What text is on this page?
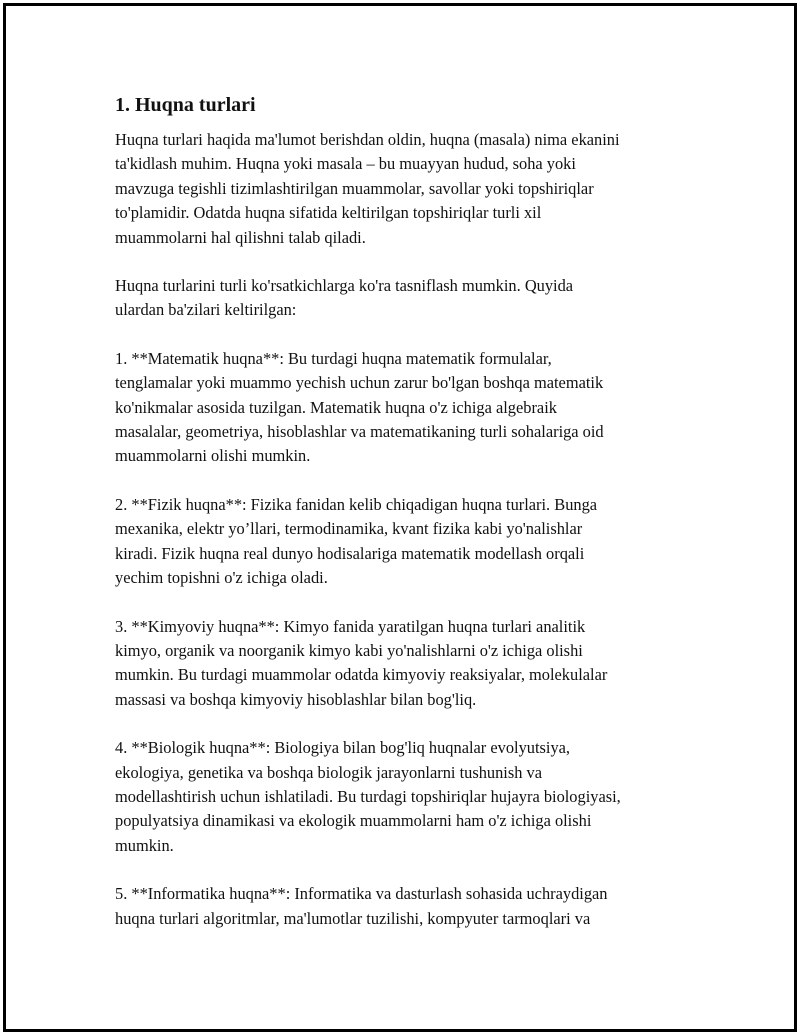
1. Huqna turlari

Huqna turlari haqida ma'lumot berishdan oldin, huqna (masala) nima ekanini
ta'kidlash muhim. Huqna yoki masala – bu muayyan hudud, soha yoki
mavzuga tegishli tizimlashtirilgan muammolar, savollar yoki topshiriqlar
to'plamidir. Odatda huqna sifatida keltirilgan topshiriqlar turli xil
muammolarni hal qilishni talab qiladi.

Huqna turlarini turli ko'rsatkichlarga ko'ra tasniflash mumkin. Quyida
ulardan ba'zilari keltirilgan:

1. **Matematik huqna**: Bu turdagi huqna matematik formulalar,
tenglamalar yoki muammo yechish uchun zarur bo'lgan boshqa matematik
ko'nikmalar asosida tuzilgan. Matematik huqna o'z ichiga algebraik
masalalar, geometriya, hisoblashlar va matematikaning turli sohalariga oid
muammolarni olishi mumkin.

2. **Fizik huqna**: Fizika fanidan kelib chiqadigan huqna turlari. Bunga
mexanika, elektr yo’llari, termodinamika, kvant fizika kabi yo'nalishlar
kiradi. Fizik huqna real dunyo hodisalariga matematik modellash orqali
yechim topishni o'z ichiga oladi.

3. **Kimyoviy huqna**: Kimyo fanida yaratilgan huqna turlari analitik
kimyo, organik va noorganik kimyo kabi yo'nalishlarni o'z ichiga olishi
mumkin. Bu turdagi muammolar odatda kimyoviy reaksiyalar, molekulalar
massasi va boshqa kimyoviy hisoblashlar bilan bog'liq.

4. **Biologik huqna**: Biologiya bilan bog'liq huqnalar evolyutsiya,
ekologiya, genetika va boshqa biologik jarayonlarni tushunish va
modellashtirish uchun ishlatiladi. Bu turdagi topshiriqlar hujayra biologiyasi,
populyatsiya dinamikasi va ekologik muammolarni ham o'z ichiga olishi
mumkin.

5. **Informatika huqna**: Informatika va dasturlash sohasida uchraydigan
huqna turlari algoritmlar, ma'lumotlar tuzilishi, kompyuter tarmoqlari va
